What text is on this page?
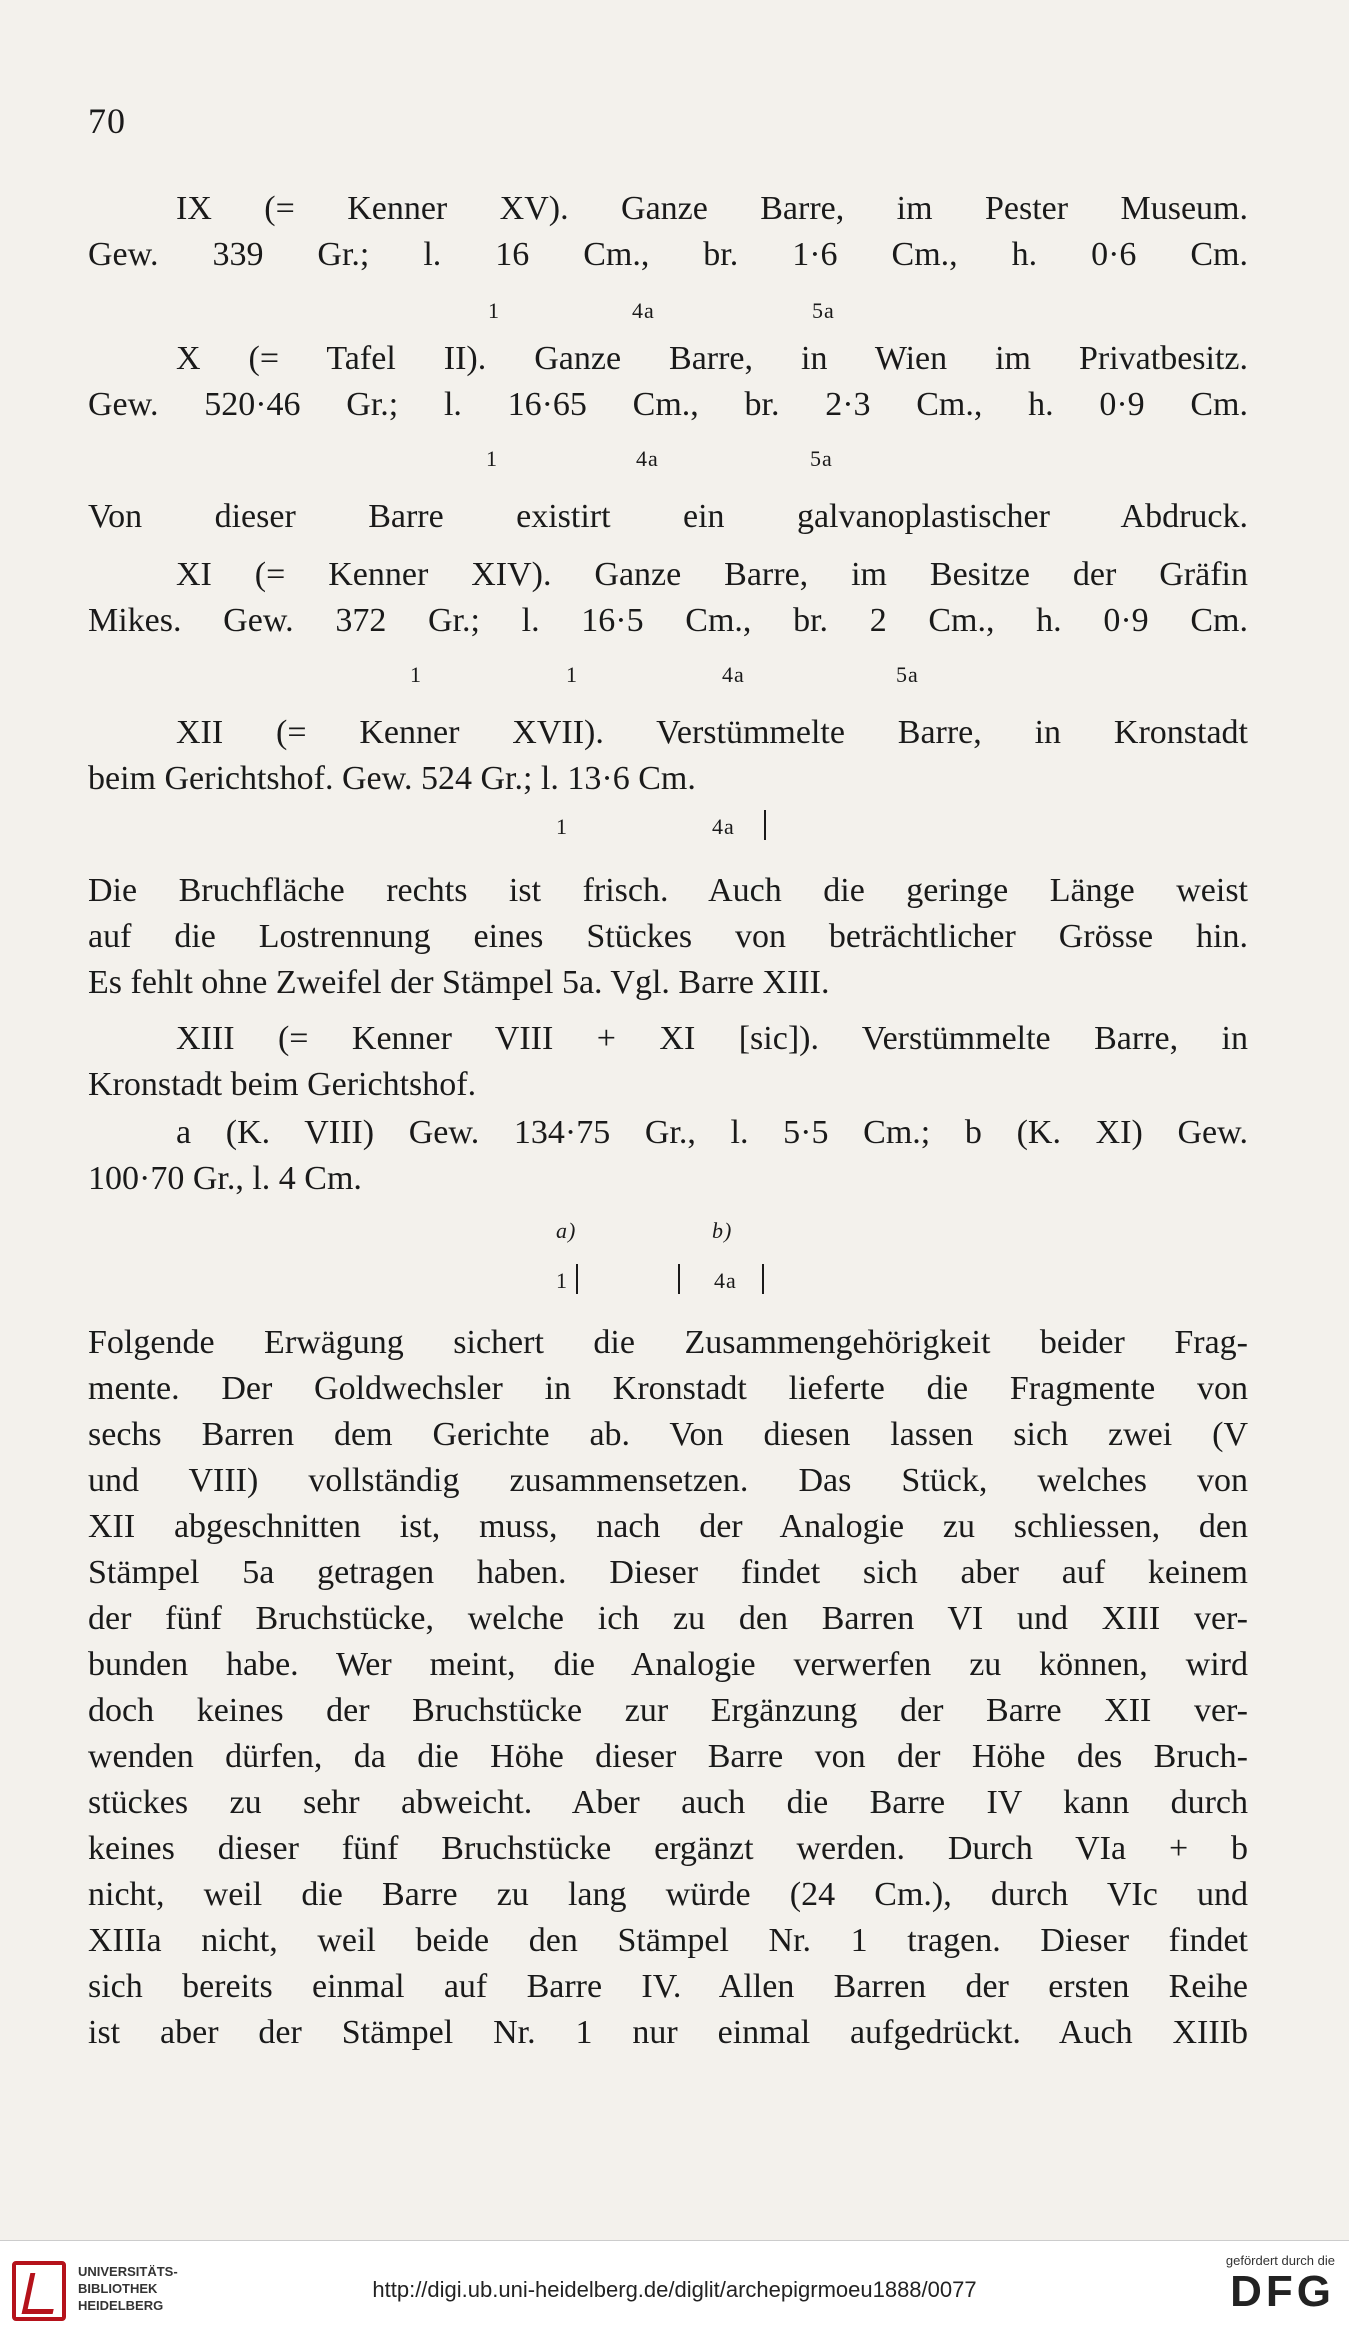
70
IX (= Kenner XV). Ganze Barre, im Pester Museum.
Gew. 339 Gr.; l. 16 Cm., br. 1·6 Cm., h. 0·6 Cm.
1	4a	5a
X (= Tafel II). Ganze Barre, in Wien im Privatbesitz.
Gew. 520·46 Gr.; l. 16·65 Cm., br. 2·3 Cm., h. 0·9 Cm.
1	4a	5a
Von dieser Barre existirt ein galvanoplastischer Abdruck.
XI (= Kenner XIV). Ganze Barre, im Besitze der Gräfin
Mikes. Gew. 372 Gr.; l. 16·5 Cm., br. 2 Cm., h. 0·9 Cm.
1	1	4a	5a
XII (= Kenner XVII). Verstümmelte Barre, in Kronstadt
beim Gerichtshof. Gew. 524 Gr.; l. 13·6 Cm.
1	4a
Die Bruchfläche rechts ist frisch. Auch die geringe Länge weist
auf die Lostrennung eines Stückes von beträchtlicher Grösse hin.
Es fehlt ohne Zweifel der Stämpel 5a. Vgl. Barre XIII.
XIII (= Kenner VIII + XI [sic]). Verstümmelte Barre, in
Kronstadt beim Gerichtshof.
a (K. VIII) Gew. 134·75 Gr., l. 5·5 Cm.; b (K. XI) Gew.
100·70 Gr., l. 4 Cm.
a)	b)
1	4a
Folgende Erwägung sichert die Zusammengehörigkeit beider Frag-
mente. Der Goldwechsler in Kronstadt lieferte die Fragmente von
sechs Barren dem Gerichte ab. Von diesen lassen sich zwei (V
und VIII) vollständig zusammensetzen. Das Stück, welches von
XII abgeschnitten ist, muss, nach der Analogie zu schliessen, den
Stämpel 5a getragen haben. Dieser findet sich aber auf keinem
der fünf Bruchstücke, welche ich zu den Barren VI und XIII ver-
bunden habe. Wer meint, die Analogie verwerfen zu können, wird
doch keines der Bruchstücke zur Ergänzung der Barre XII ver-
wenden dürfen, da die Höhe dieser Barre von der Höhe des Bruch-
stückes zu sehr abweicht. Aber auch die Barre IV kann durch
keines dieser fünf Bruchstücke ergänzt werden. Durch VIa + b
nicht, weil die Barre zu lang würde (24 Cm.), durch VIc und
XIIIa nicht, weil beide den Stämpel Nr. 1 tragen. Dieser findet
sich bereits einmal auf Barre IV. Allen Barren der ersten Reihe
ist aber der Stämpel Nr. 1 nur einmal aufgedrückt. Auch XIIIb
UNIVERSITÄTS-
BIBLIOTHEK
HEIDELBERG
http://digi.ub.uni-heidelberg.de/diglit/archepigrmoeu1888/0077
gefördert durch die
DFG
